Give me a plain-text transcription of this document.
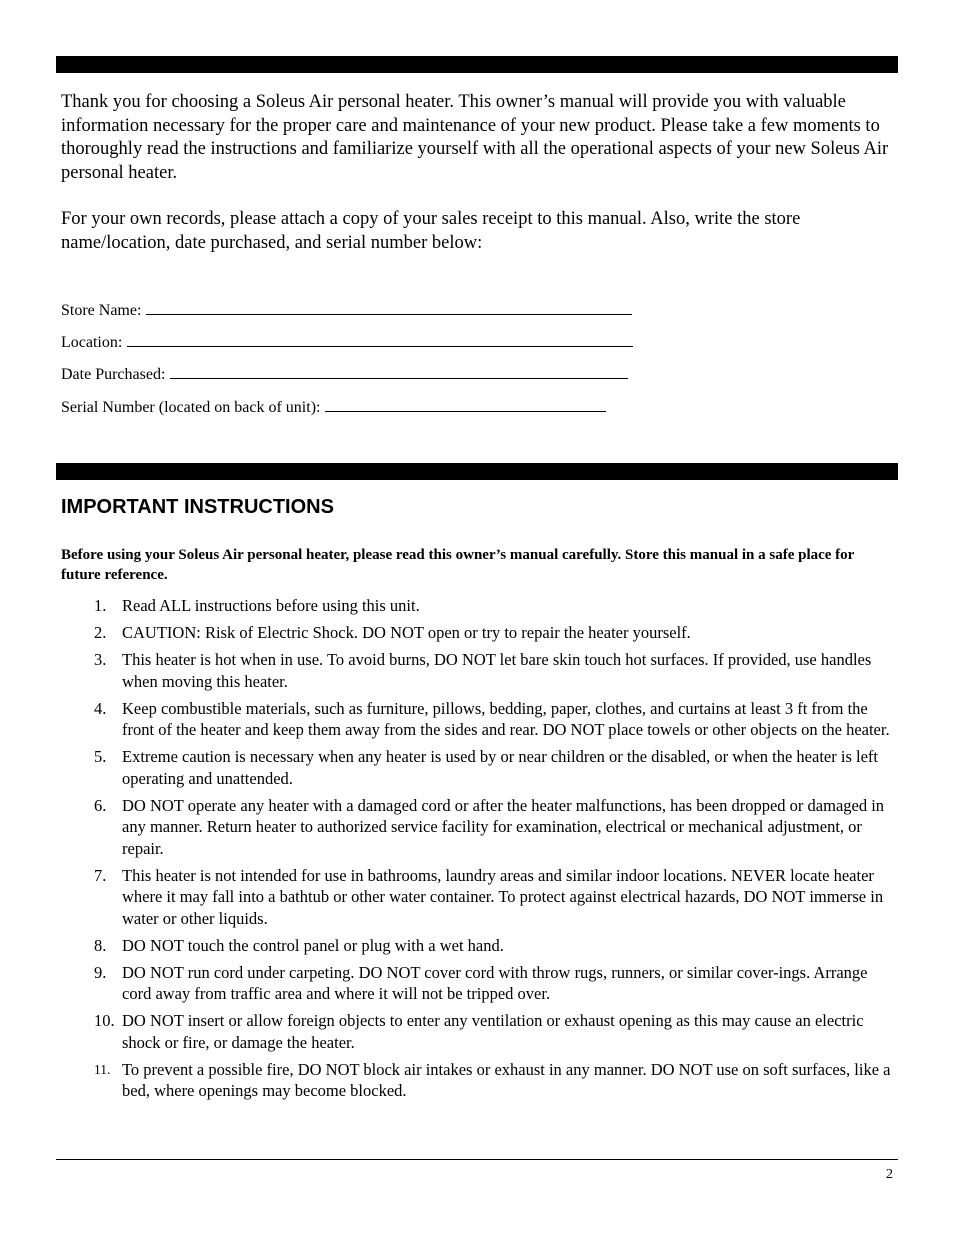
Thank you for choosing a Soleus Air personal heater. This owner’s manual will provide you with valuable information necessary for the proper care and maintenance of your new product. Please take a few moments to thoroughly read the instructions and familiarize yourself with all the operational aspects of your new Soleus Air personal heater.

For your own records, please attach a copy of your sales receipt to this manual. Also, write the store name/location, date purchased, and serial number below:

Store Name:
Location:
Date Purchased:
Serial Number (located on back of unit):
IMPORTANT INSTRUCTIONS

Before using your Soleus Air personal heater, please read this owner’s manual carefully. Store this manual in a safe place for future reference.

1. Read ALL instructions before using this unit.
2. CAUTION: Risk of Electric Shock. DO NOT open or try to repair the heater yourself.
3. This heater is hot when in use. To avoid burns, DO NOT let bare skin touch hot surfaces. If provided, use handles when moving this heater.
4. Keep combustible materials, such as furniture, pillows, bedding, paper, clothes, and curtains at least 3 ft from the front of the heater and keep them away from the sides and rear. DO NOT place towels or other objects on the heater.
5. Extreme caution is necessary when any heater is used by or near children or the disabled, or when the heater is left operating and unattended.
6. DO NOT operate any heater with a damaged cord or after the heater malfunctions, has been dropped or damaged in any manner. Return heater to authorized service facility for examination, electrical or mechanical adjustment, or repair.
7. This heater is not intended for use in bathrooms, laundry areas and similar indoor locations. NEVER locate heater where it may fall into a bathtub or other water container. To protect against electrical hazards, DO NOT immerse in water or other liquids.
8. DO NOT touch the control panel or plug with a wet hand.
9. DO NOT run cord under carpeting. DO NOT cover cord with throw rugs, runners, or similar cover-ings. Arrange cord away from traffic area and where it will not be tripped over.
10. DO NOT insert or allow foreign objects to enter any ventilation or exhaust opening as this may cause an electric shock or fire, or damage the heater.
11. To prevent a possible fire, DO NOT block air intakes or exhaust in any manner. DO NOT use on soft surfaces, like a bed, where openings may become blocked.
2
